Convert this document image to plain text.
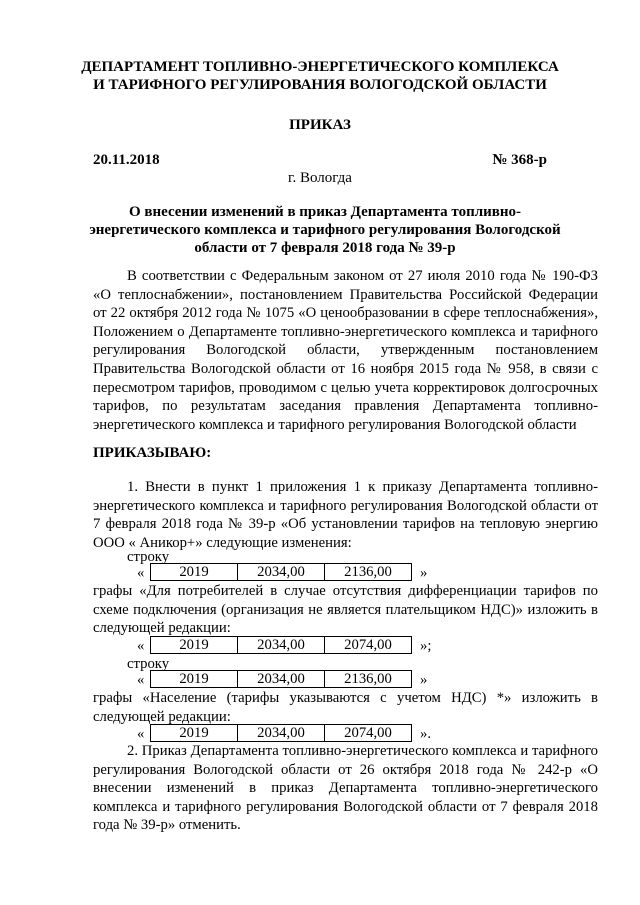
ДЕПАРТАМЕНТ ТОПЛИВНО-ЭНЕРГЕТИЧЕСКОГО КОМПЛЕКСА
И ТАРИФНОГО РЕГУЛИРОВАНИЯ ВОЛОГОДСКОЙ ОБЛАСТИ
ПРИКАЗ
20.11.2018	№ 368-р
г. Вологда
О внесении изменений в приказ Департамента топливно-
энергетического комплекса и тарифного регулирования Вологодской
области от 7 февраля 2018 года № 39-р
В соответствии с Федеральным законом от 27 июля 2010 года № 190-ФЗ «О теплоснабжении», постановлением Правительства Российской Федерации от 22 октября 2012 года № 1075 «О ценообразовании в сфере теплоснабжения», Положением о Департаменте топливно-энергетического комплекса и тарифного регулирования Вологодской области, утвержденным постановлением Правительства Вологодской области от 16 ноября 2015 года № 958, в связи с пересмотром тарифов, проводимом с целью учета корректировок долгосрочных тарифов, по результатам заседания правления Департамента топливно-энергетического комплекса и тарифного регулирования Вологодской области
ПРИКАЗЫВАЮ:
1. Внести в пункт 1 приложения 1 к приказу Департамента топливно-энергетического комплекса и тарифного регулирования Вологодской области от 7 февраля 2018 года № 39-р «Об установлении тарифов на тепловую энергию ООО « Аникор+» следующие изменения:
строку
«	2019	2034,00	2136,00	»
графы «Для потребителей в случае отсутствия дифференциации тарифов по схеме подключения (организация не является плательщиком НДС)» изложить в следующей редакции:
«	2019	2034,00	2074,00	»;
строку
«	2019	2034,00	2136,00	»
графы «Население (тарифы указываются с учетом НДС) *» изложить в следующей редакции:
«	2019	2034,00	2074,00	».
2. Приказ Департамента топливно-энергетического комплекса и тарифного регулирования Вологодской области от 26 октября 2018 года № 242-р «О внесении изменений в приказ Департамента топливно-энергетического комплекса и тарифного регулирования Вологодской области от 7 февраля 2018 года № 39-р» отменить.
